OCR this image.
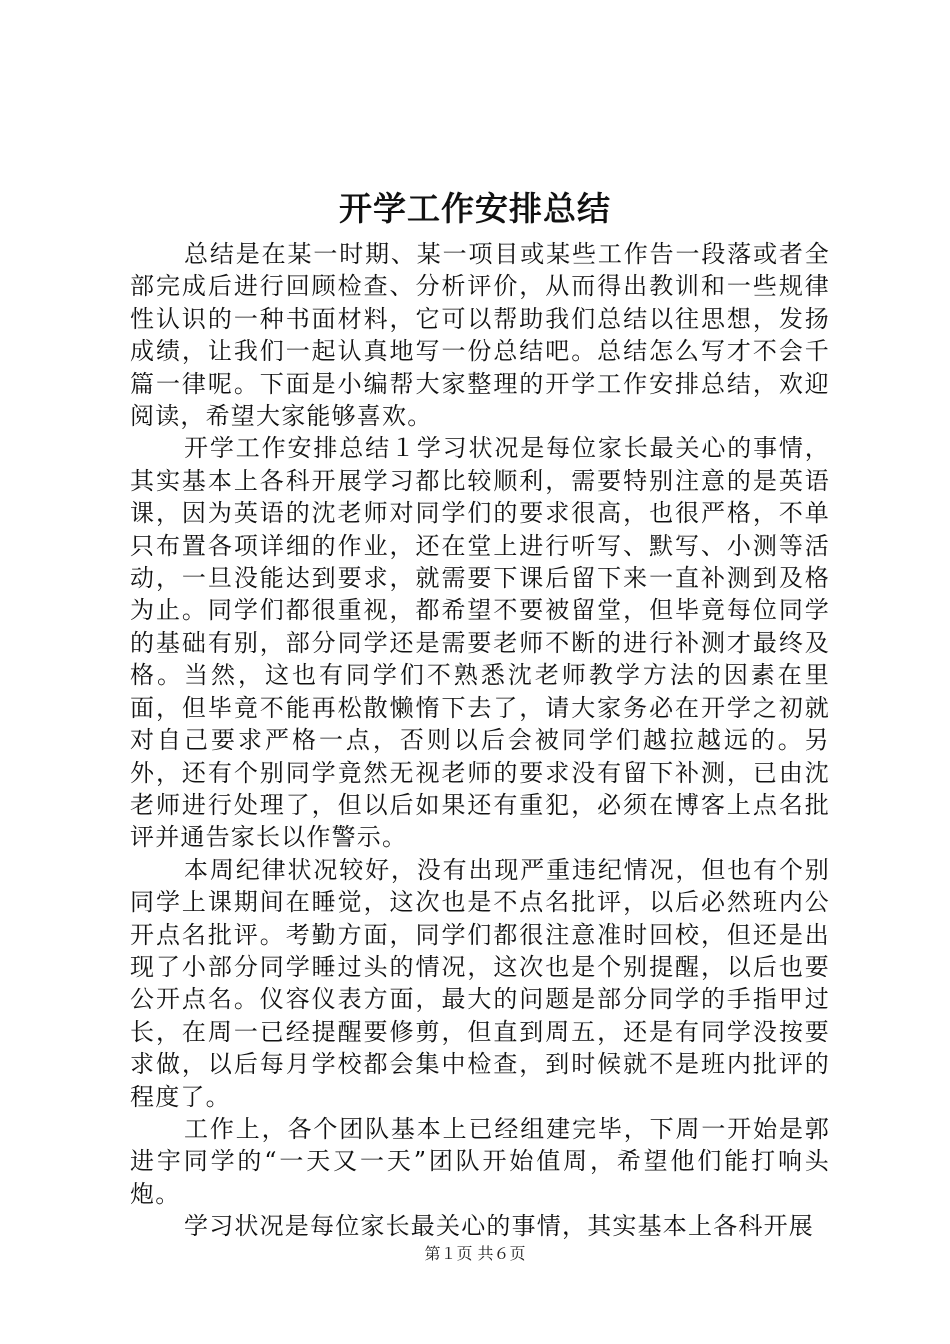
开学工作安排总结

总结是在某一时期、某一项目或某些工作告一段落或者全部完成后进行回顾检查、分析评价，从而得出教训和一些规律性认识的一种书面材料，它可以帮助我们总结以往思想，发扬成绩，让我们一起认真地写一份总结吧。总结怎么写才不会千篇一律呢。下面是小编帮大家整理的开学工作安排总结，欢迎阅读，希望大家能够喜欢。

开学工作安排总结１学习状况是每位家长最关心的事情，其实基本上各科开展学习都比较顺利，需要特别注意的是英语课，因为英语的沈老师对同学们的要求很高，也很严格，不单只布置各项详细的作业，还在堂上进行听写、默写、小测等活动，一旦没能达到要求，就需要下课后留下来一直补测到及格为止。同学们都很重视，都希望不要被留堂，但毕竟每位同学的基础有别，部分同学还是需要老师不断的进行补测才最终及格。当然，这也有同学们不熟悉沈老师教学方法的因素在里面，但毕竟不能再松散懒惰下去了，请大家务必在开学之初就对自己要求严格一点，否则以后会被同学们越拉越远的。另外，还有个别同学竟然无视老师的要求没有留下补测，已由沈老师进行处理了，但以后如果还有重犯，必须在博客上点名批评并通告家长以作警示。

本周纪律状况较好，没有出现严重违纪情况，但也有个别同学上课期间在睡觉，这次也是不点名批评，以后必然班内公开点名批评。考勤方面，同学们都很注意准时回校，但还是出现了小部分同学睡过头的情况，这次也是个别提醒，以后也要公开点名。仪容仪表方面，最大的问题是部分同学的手指甲过长，在周一已经提醒要修剪，但直到周五，还是有同学没按要求做，以后每月学校都会集中检查，到时候就不是班内批评的程度了。

工作上，各个团队基本上已经组建完毕，下周一开始是郭进宇同学的“一天又一天”团队开始值周，希望他们能打响头炮。

学习状况是每位家长最关心的事情，其实基本上各科开展

第１页 共６页
